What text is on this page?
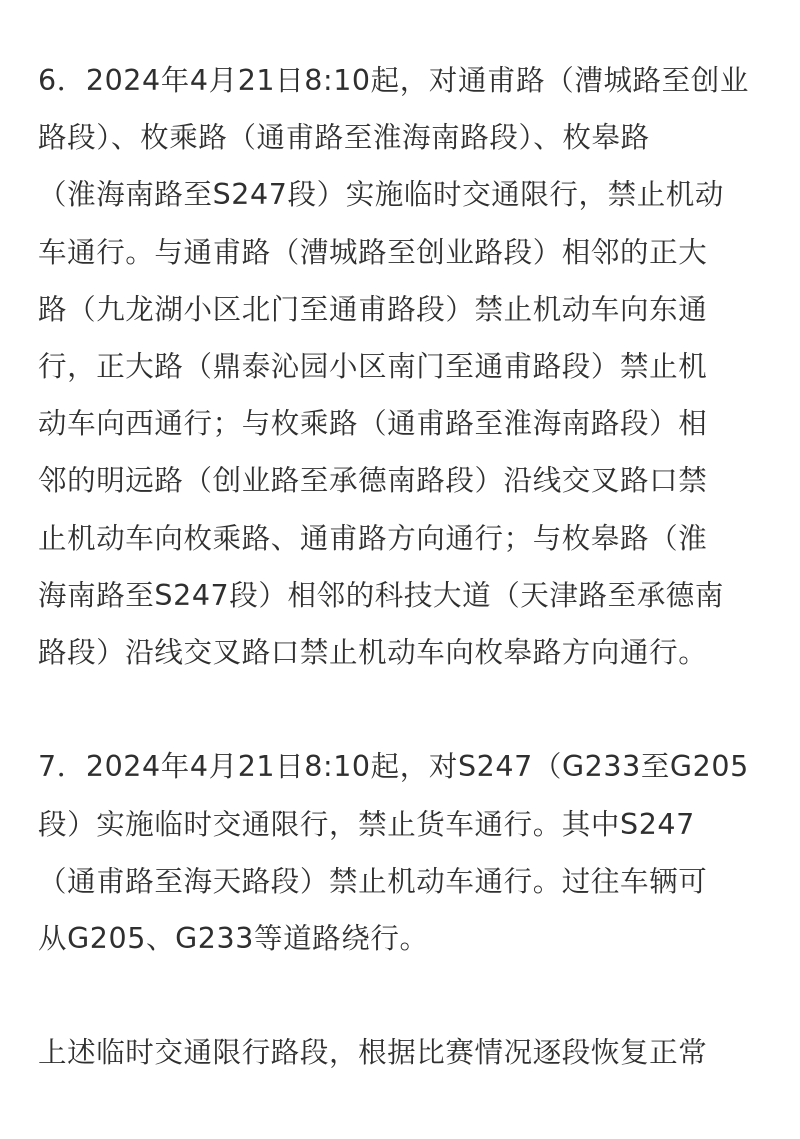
6．2024年4月21日8:10起，对通甫路（漕城路至创业
路段）、枚乘路（通甫路至淮海南路段）、枚皋路
（淮海南路至S247段）实施临时交通限行，禁止机动
车通行。与通甫路（漕城路至创业路段）相邻的正大
路（九龙湖小区北门至通甫路段）禁止机动车向东通
行，正大路（鼎泰沁园小区南门至通甫路段）禁止机
动车向西通行；与枚乘路（通甫路至淮海南路段）相
邻的明远路（创业路至承德南路段）沿线交叉路口禁
止机动车向枚乘路、通甫路方向通行；与枚皋路（淮
海南路至S247段）相邻的科技大道（天津路至承德南
路段）沿线交叉路口禁止机动车向枚皋路方向通行。
7．2024年4月21日8:10起，对S247（G233至G205
段）实施临时交通限行，禁止货车通行。其中S247
（通甫路至海天路段）禁止机动车通行。过往车辆可
从G205、G233等道路绕行。
上述临时交通限行路段，根据比赛情况逐段恢复正常
